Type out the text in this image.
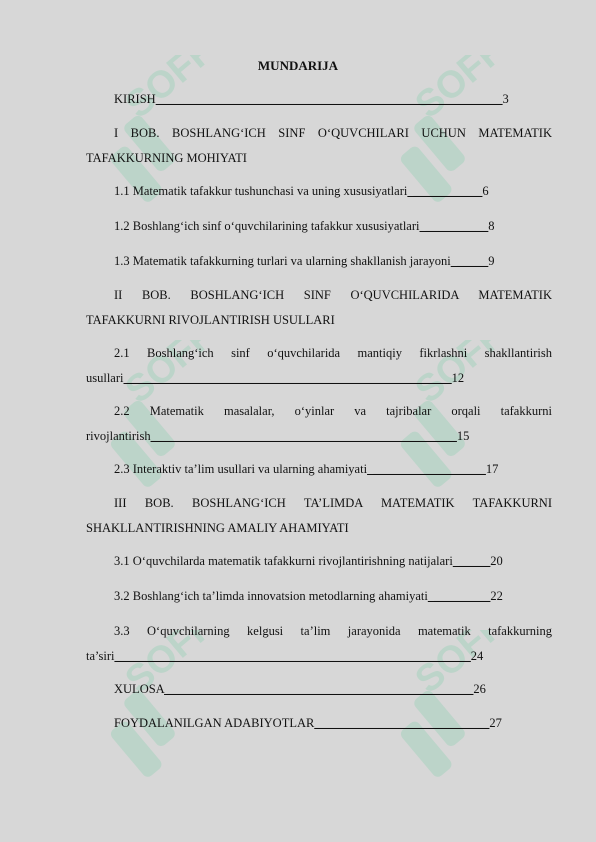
SOFF	SOFF
SOFF	SOFF
SOFF	SOFF
MUNDARIJA
KIRISH _______________________________________________________3
I BOB. BOSHLANG‘ICH SINF O‘QUVCHILARI UCHUN MATEMATIK
TAFAKKURNING MOHIYATI
1.1 Matematik tafakkur tushunchasi va uning xususiyatlari  ___________6
1.2 Boshlang‘ich sinf o‘quvchilarining tafakkur xususiyatlari  __________8
1.3 Matematik tafakkurning turlari va ularning shakllanish jarayoni  _____9
II BOB. BOSHLANG‘ICH SINF O‘QUVCHILARIDA MATEMATIK
TAFAKKURNI RIVOJLANTIRISH USULLARI
2.1 Boshlang‘ich sinf o‘quvchilarida mantiqiy fikrlashni shakllantirish
usullari ____________________________________________________12
2.2 Matematik masalalar, o‘yinlar va tajribalar orqali tafakkurni
rivojlantirish_________________________________________________15
2.3 Interaktiv ta’lim usullari va ularning ahamiyati  __________________17
III BOB. BOSHLANG‘ICH TA’LIMDA MATEMATIK TAFAKKURNI
SHAKLLANTIRISHNING AMALIY AHAMIYATI
3.1 O‘quvchilarda matematik tafakkurni rivojlantirishning natijalari  _____20
3.2 Boshlang‘ich ta’limda innovatsion metodlarning ahamiyati  _________22
3.3 O‘quvchilarning kelgusi ta’lim jarayonida matematik tafakkurning
ta’siri_________________________________________________________24
XULOSA _________________________________________________26
FOYDALANILGAN ADABIYOTLAR____________________________27
